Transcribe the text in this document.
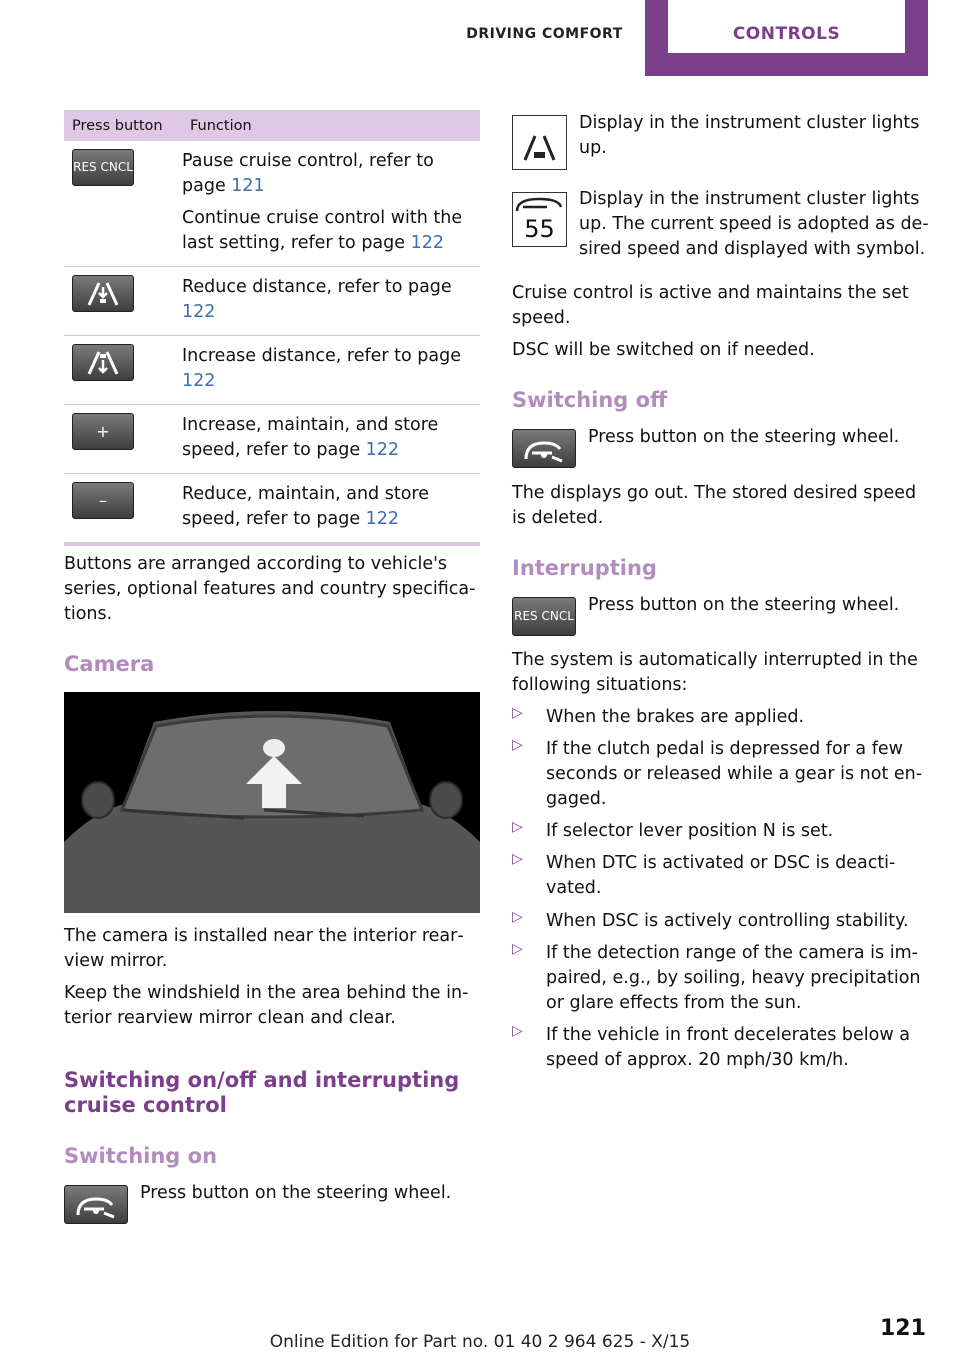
DRIVING COMFORT	CONTROLS
Press button	Function

RES CNCL	Pause cruise control, refer to page 121

Continue cruise control with the last setting, refer to page 122

Reduce distance, refer to page 122

Increase distance, refer to page 122

+	Increase, maintain, and store speed, refer to page 122

–	Reduce, maintain, and store speed, refer to page 122

Buttons are arranged according to vehicle's series, optional features and country specifications.

Camera

The camera is installed near the interior rearview mirror.

Keep the windshield in the area behind the interior rearview mirror clean and clear.

Switching on/off and interrupting cruise control
Switching on

Press button on the steering wheel.

Display in the instrument cluster lights up.

55

Display in the instrument cluster lights up. The current speed is adopted as desired speed and displayed with symbol.

Cruise control is active and maintains the set speed.

DSC will be switched on if needed.

Switching off

Press button on the steering wheel.

The displays go out. The stored desired speed is deleted.

Interrupting
RES CNCL

Press button on the steering wheel.

The system is automatically interrupted in the following situations:

▷ When the brakes are applied.
▷ If the clutch pedal is depressed for a few seconds or released while a gear is not engaged.
▷ If selector lever position N is set.
▷ When DTC is activated or DSC is deactivated.
▷ When DSC is actively controlling stability.
▷ If the detection range of the camera is impaired, e.g., by soiling, heavy precipitation or glare effects from the sun.
▷ If the vehicle in front decelerates below a speed of approx. 20 mph/30 km/h.
121
Online Edition for Part no. 01 40 2 964 625 - X/15
